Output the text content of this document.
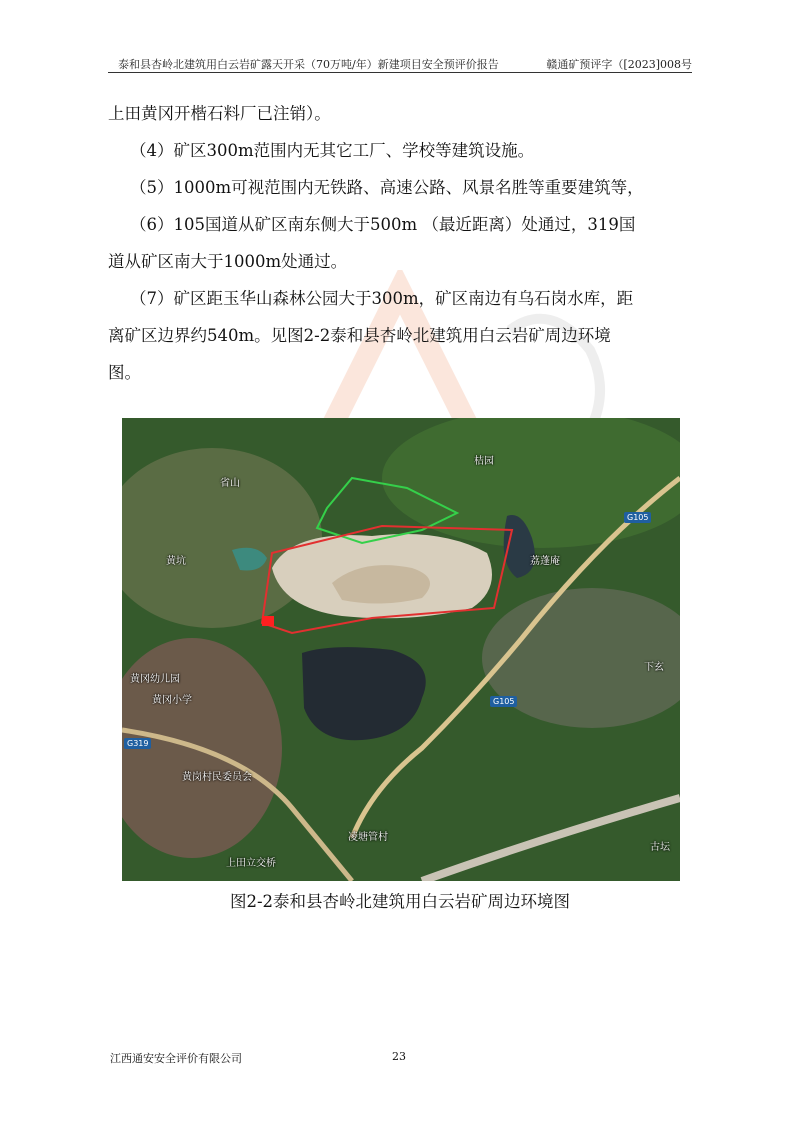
泰和县杏岭北建筑用白云岩矿露天开采（70万吨/年）新建项目安全预评价报告	赣通矿预评字（[2023]008号

上田黄冈开楷石料厂已注销）。

（4）矿区300m范围内无其它工厂、学校等建筑设施。

（5）1000m可视范围内无铁路、高速公路、风景名胜等重要建筑等，

（6）105国道从矿区南东侧大于500m （最近距离）处通过，319国

道从矿区南大于1000m处通过。

（7）矿区距玉华山森林公园大于300m，矿区南边有乌石岗水库，距

离矿区边界约540m。见图2-2泰和县杏岭北建筑用白云岩矿周边环境

图。

省山
桔园
黄坑	荔蓬庵
下玄
黄冈幼儿园
黄冈小学
黄岗村民委员会
凌塘管村
古坛
上田立交桥
G105
G105
G319
图2-2泰和县杏岭北建筑用白云岩矿周边环境图
江西通安安全评价有限公司	23
